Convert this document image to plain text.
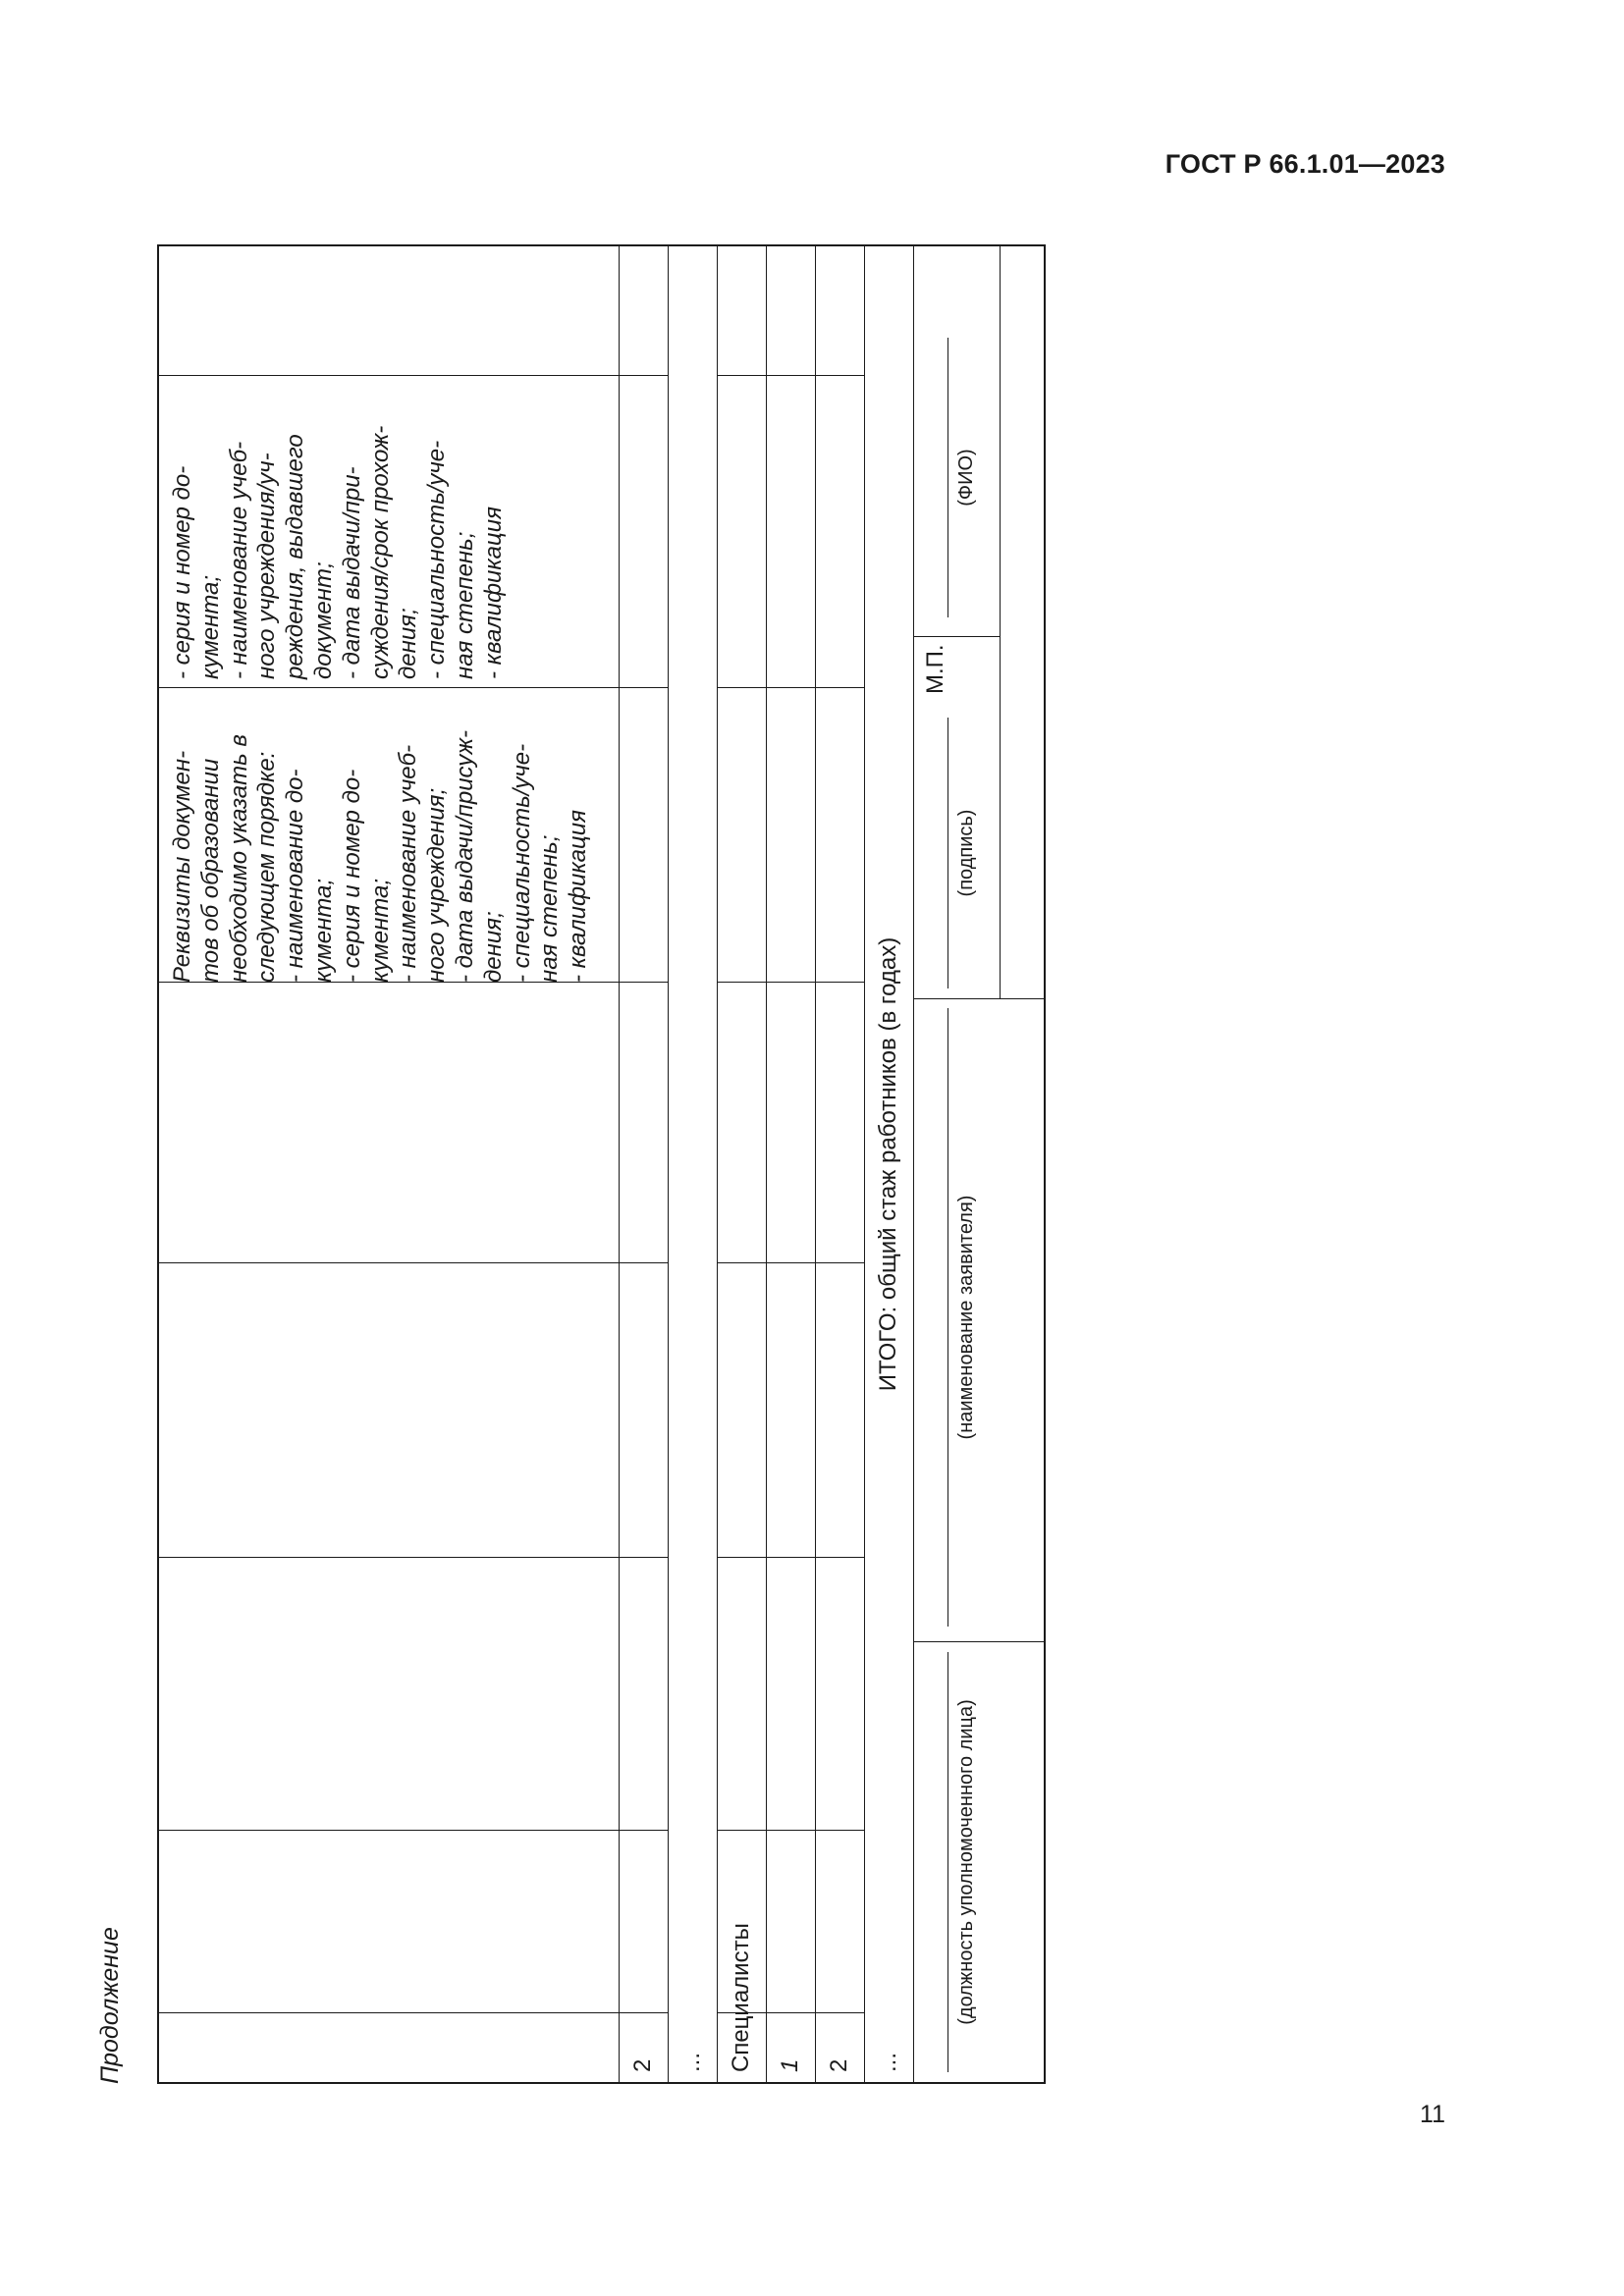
ГОСТ Р 66.1.01—2023
11
Продолжение	2 ... Специалисты 1 2 ...
Реквизиты докумен- тов об образовании необходимо указать в следующем порядке: - наименование до- кумента; - серия и номер до- кумента; - наименование учеб- ного учреждения; - дата выдачи/присуж- дения; - специальность/уче- ная степень; - квалификация
- серия и номер до- кумента; - наименование учеб- ного учреждения/уч- реждения, выдавшего документ; - дата выдачи/при- суждения/срок прохож- дения; - специальность/уче- ная степень; - квалификация
ИТОГО: общий стаж работников (в годах)
(должность уполномоченного лица)
(наименование заявителя)
(подпись)
М.П.
(ФИО)
